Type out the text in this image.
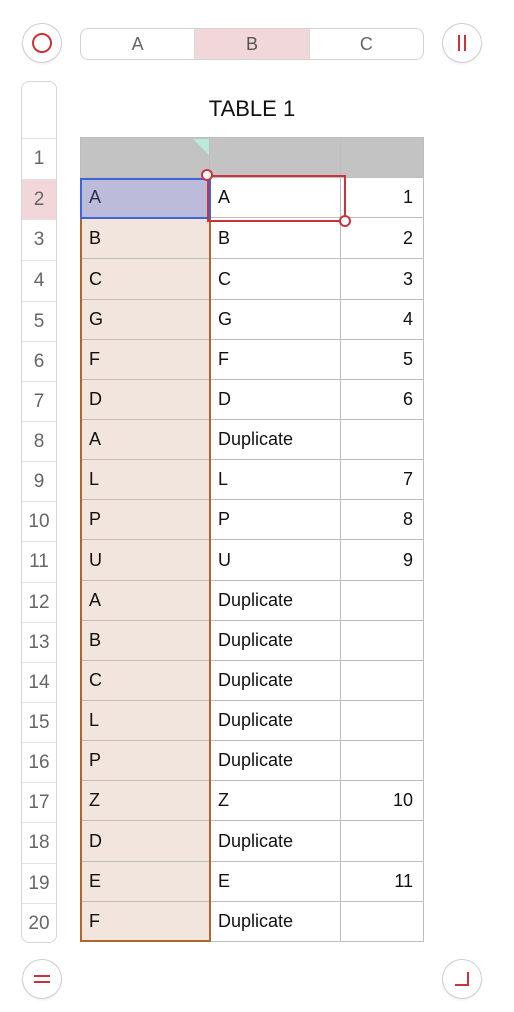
A	B	C
1
2
3
4
5
6
7
8
9
10
11
12
13
14
15
16
17
18
19
20
TABLE 1
A	A	1
B	B	2
C	C	3
G	G	4
F	F	5
D	D	6
A	Duplicate
L	L	7
P	P	8
U	U	9
A	Duplicate
B	Duplicate
C	Duplicate
L	Duplicate
P	Duplicate
Z	Z	10
D	Duplicate
E	E	11
F	Duplicate
